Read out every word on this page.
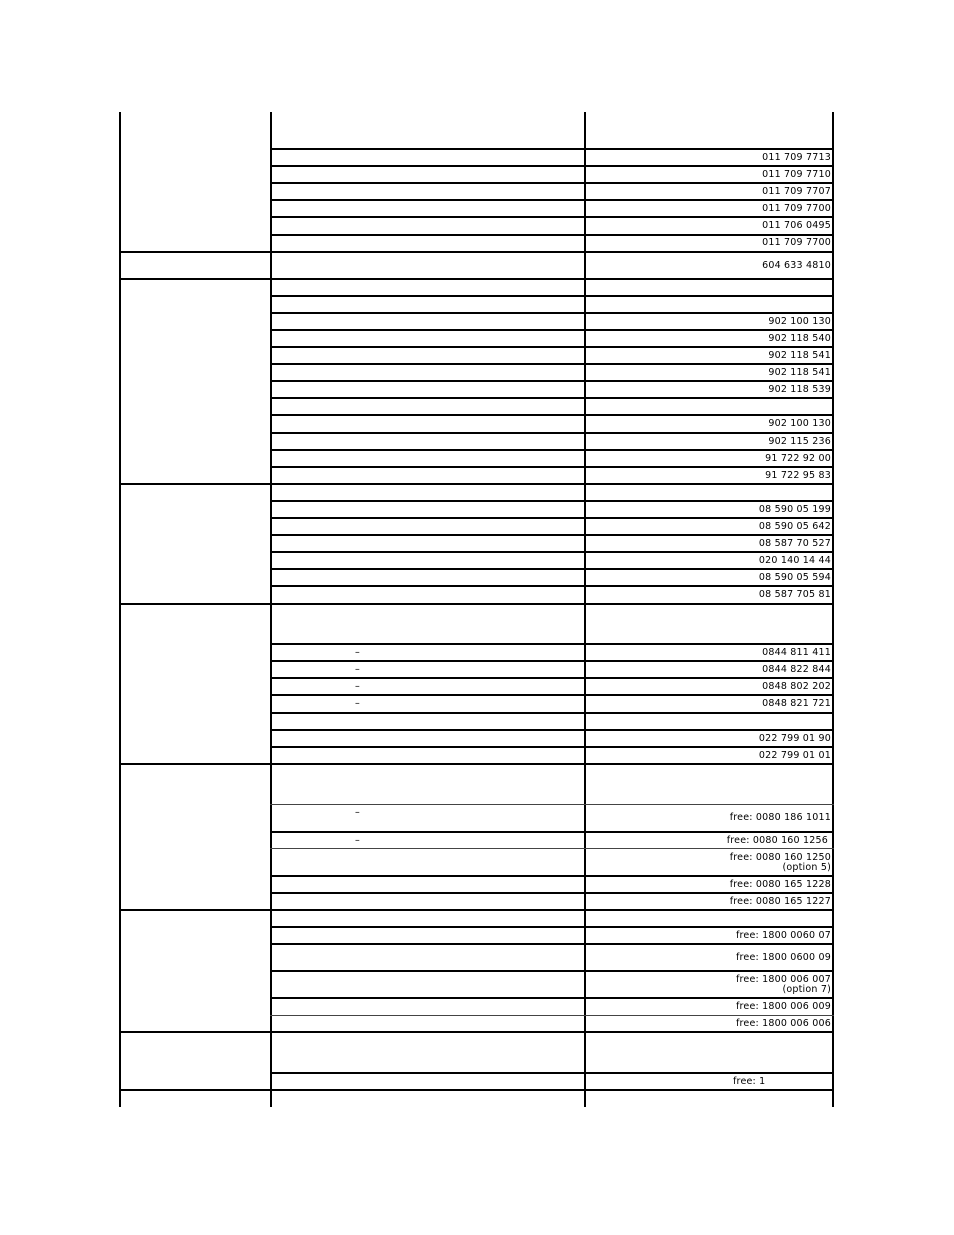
011 709 7713
011 709 7710
011 709 7707
011 709 7700
011 706 0495
011 709 7700
604 633 4810
902 100 130
902 118 540
902 118 541
902 118 541
902 118 539
902 100 130
902 115 236
91 722 92 00
91 722 95 83
08 590 05 199
08 590 05 642
08 587 70 527
020 140 14 44
08 590 05 594
08 587 705 81
–	0844 811 411
–	0844 822 844
–	0848 802 202
–	0848 821 721
022 799 01 90
022 799 01 01
–	free: 0080 186 1011
–	free: 0080 160 1256
free: 0080 160 1250
(option 5)
free: 0080 165 1228
free: 0080 165 1227
free: 1800 0060 07
free: 1800 0600 09
free: 1800 006 007
(option 7)
free: 1800 006 009
free: 1800 006 006
free: 1
